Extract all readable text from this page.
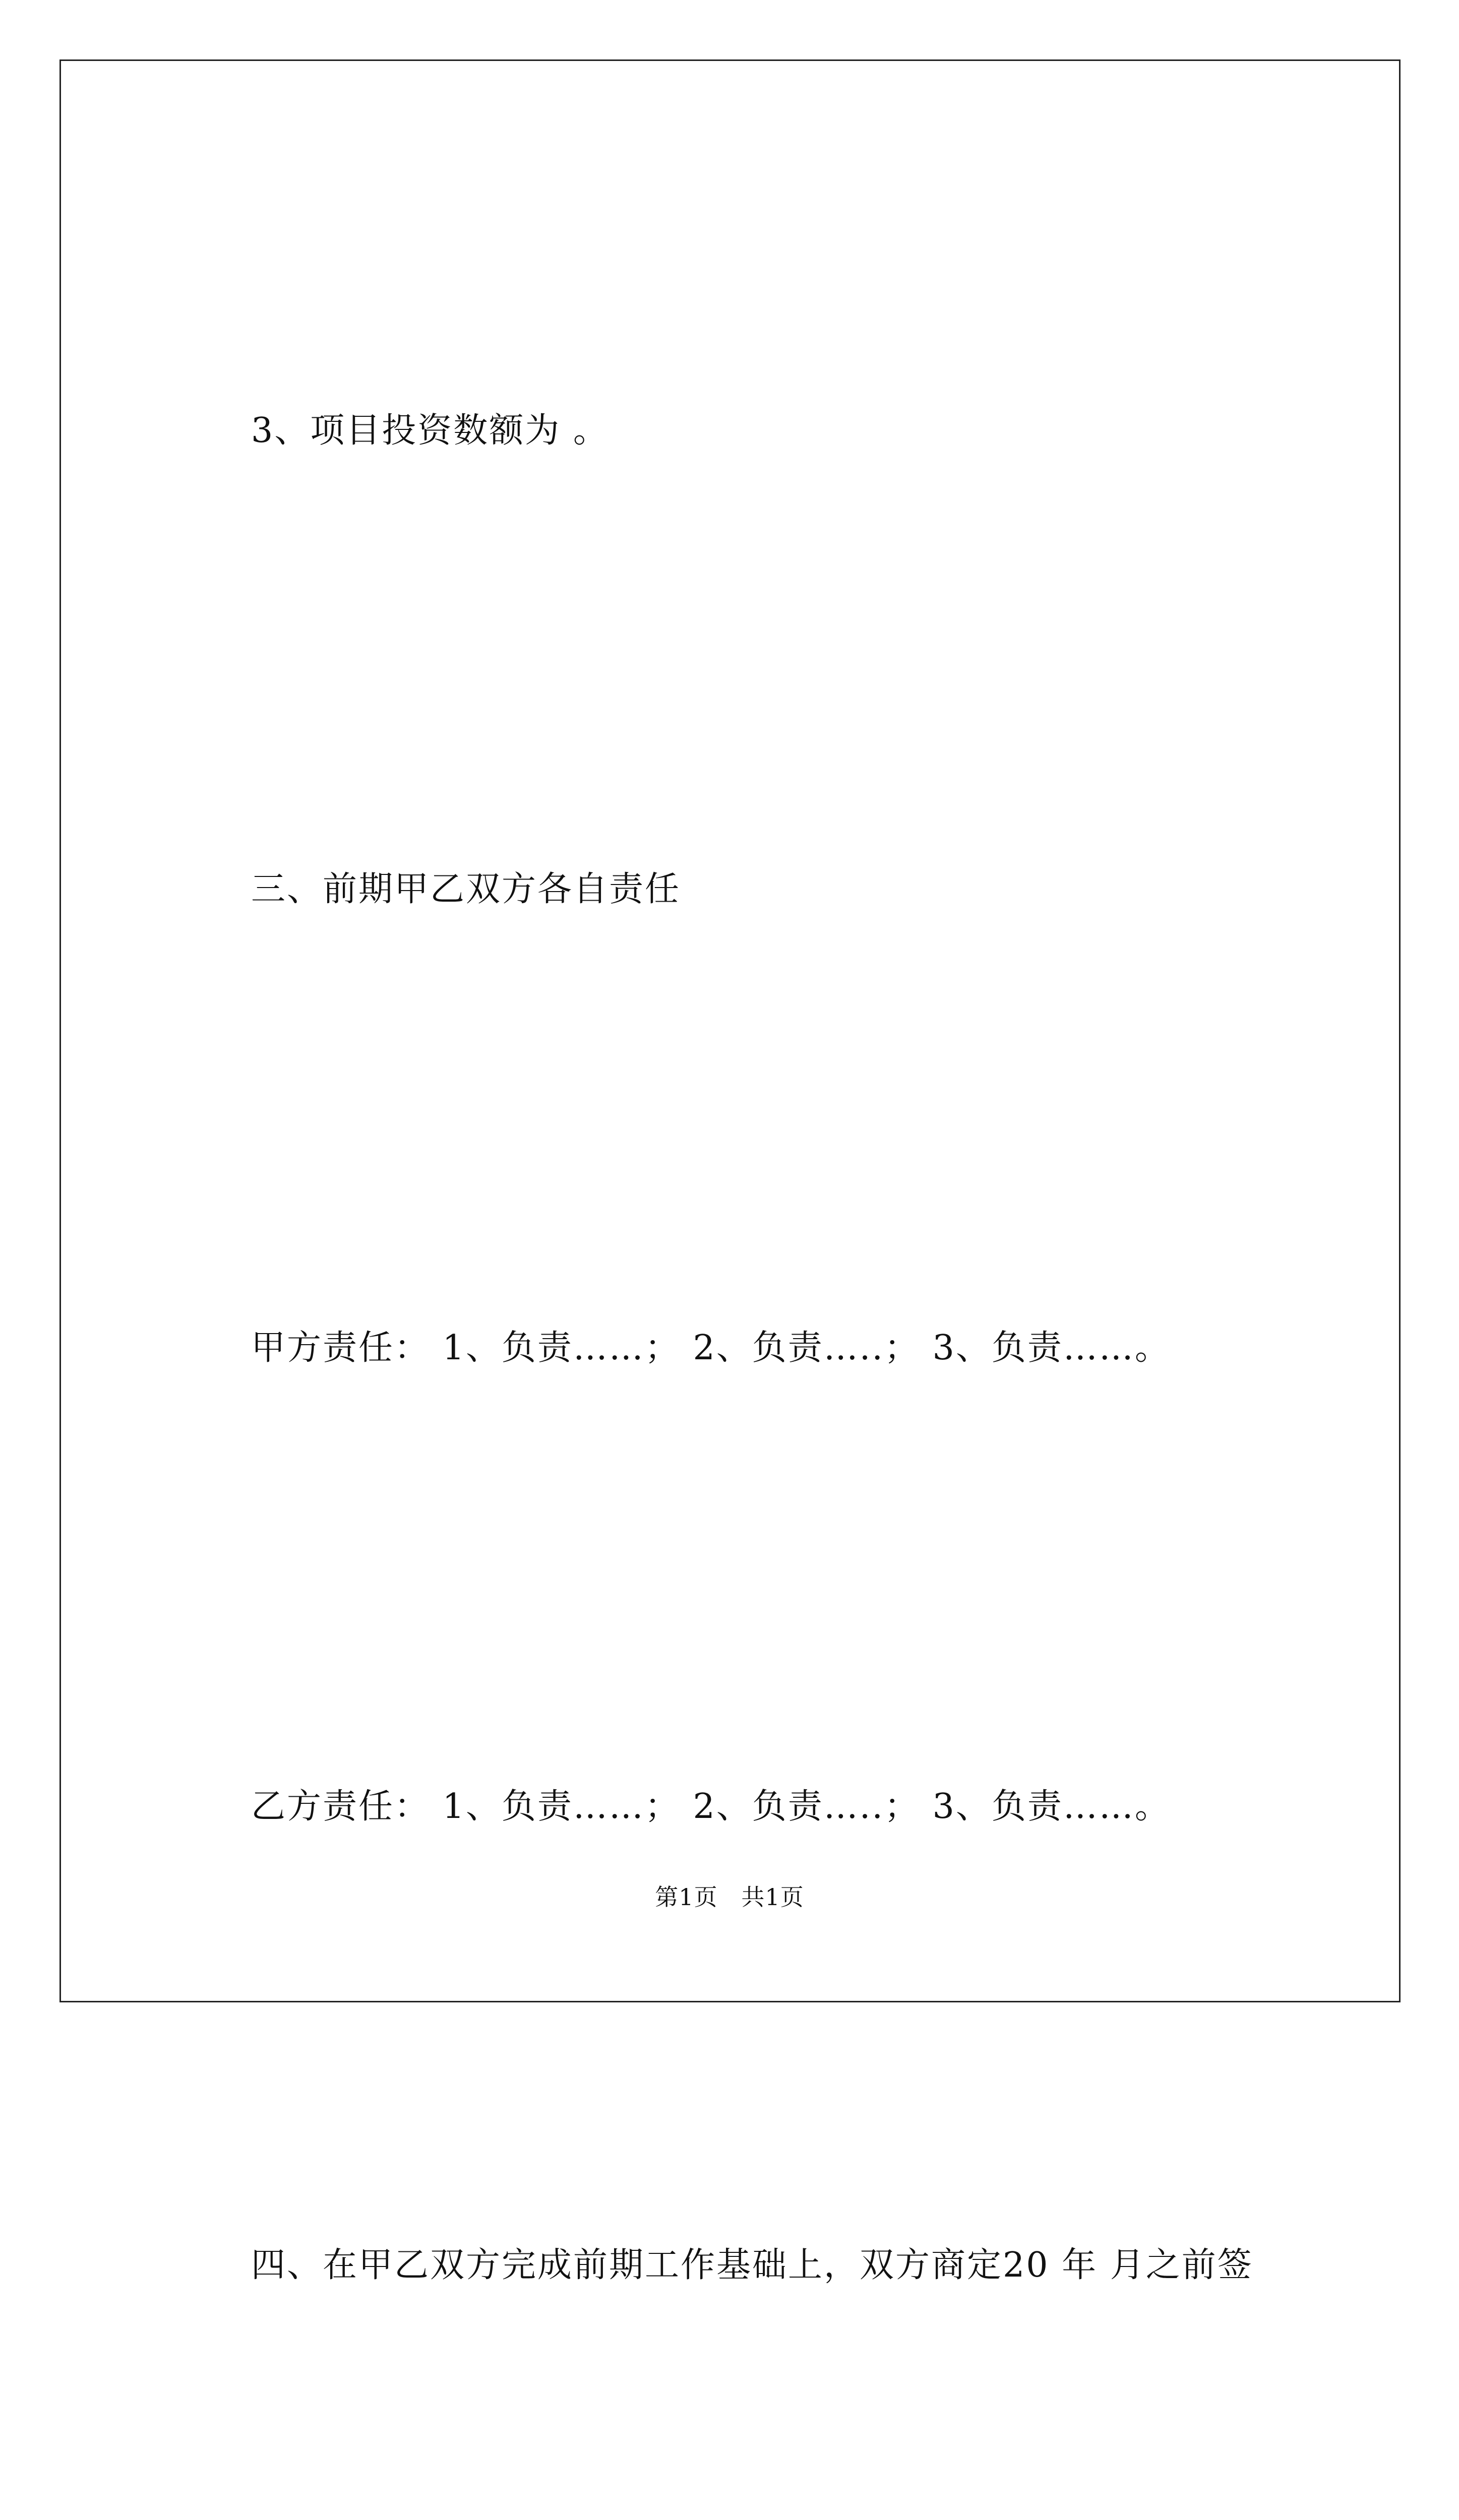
3、项目投资数额为 。

三、前期甲乙双方各自责任

甲方责任： 1、负责……； 2、负责…..； 3、负责……。

乙方责任： 1、负责……； 2、负责…..； 3、负责……。

四、在甲乙双方完成前期工作基础上，双方商定20 年 月之前签

第1页   共1页
